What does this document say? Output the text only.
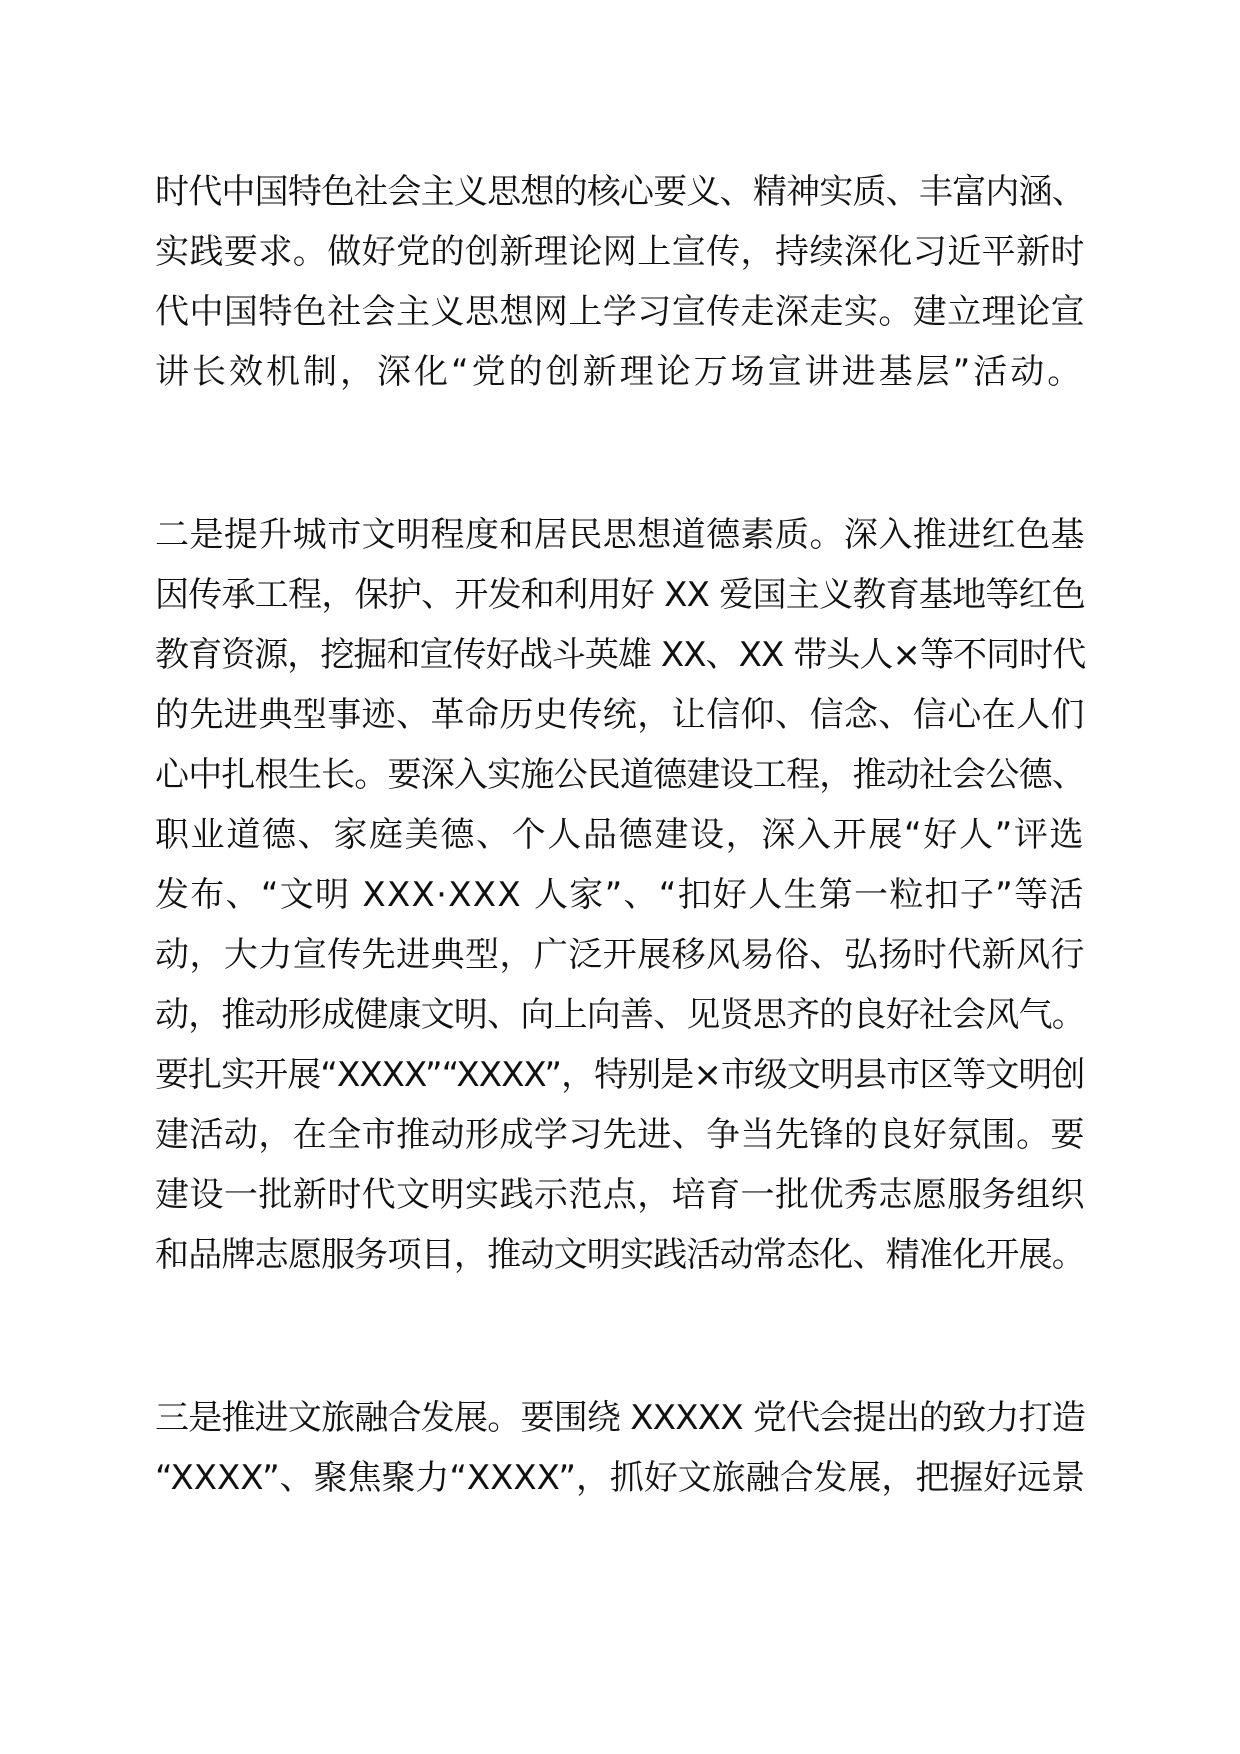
时代中国特色社会主义思想的核心要义、精神实质、丰富内涵、
实践要求。做好党的创新理论网上宣传，持续深化习近平新时
代中国特色社会主义思想网上学习宣传走深走实。建立理论宣
讲长效机制，深化“党的创新理论万场宣讲进基层”活动。
二是提升城市文明程度和居民思想道德素质。深入推进红色基
因传承工程，保护、开发和利用好 XX 爱国主义教育基地等红色
教育资源，挖掘和宣传好战斗英雄 XX、XX 带头人×等不同时代
的先进典型事迹、革命历史传统，让信仰、信念、信心在人们
心中扎根生长。要深入实施公民道德建设工程，推动社会公德、
职业道德、家庭美德、个人品德建设，深入开展“好人”评选
发布、“文明 XXX·XXX 人家”、“扣好人生第一粒扣子”等活
动，大力宣传先进典型，广泛开展移风易俗、弘扬时代新风行
动，推动形成健康文明、向上向善、见贤思齐的良好社会风气。
要扎实开展“XXXX”“XXXX”，特别是×市级文明县市区等文明创
建活动，在全市推动形成学习先进、争当先锋的良好氛围。要
建设一批新时代文明实践示范点，培育一批优秀志愿服务组织
和品牌志愿服务项目，推动文明实践活动常态化、精准化开展。
三是推进文旅融合发展。要围绕 XXXXX 党代会提出的致力打造
“XXXX”、聚焦聚力“XXXX”，抓好文旅融合发展，把握好远景
